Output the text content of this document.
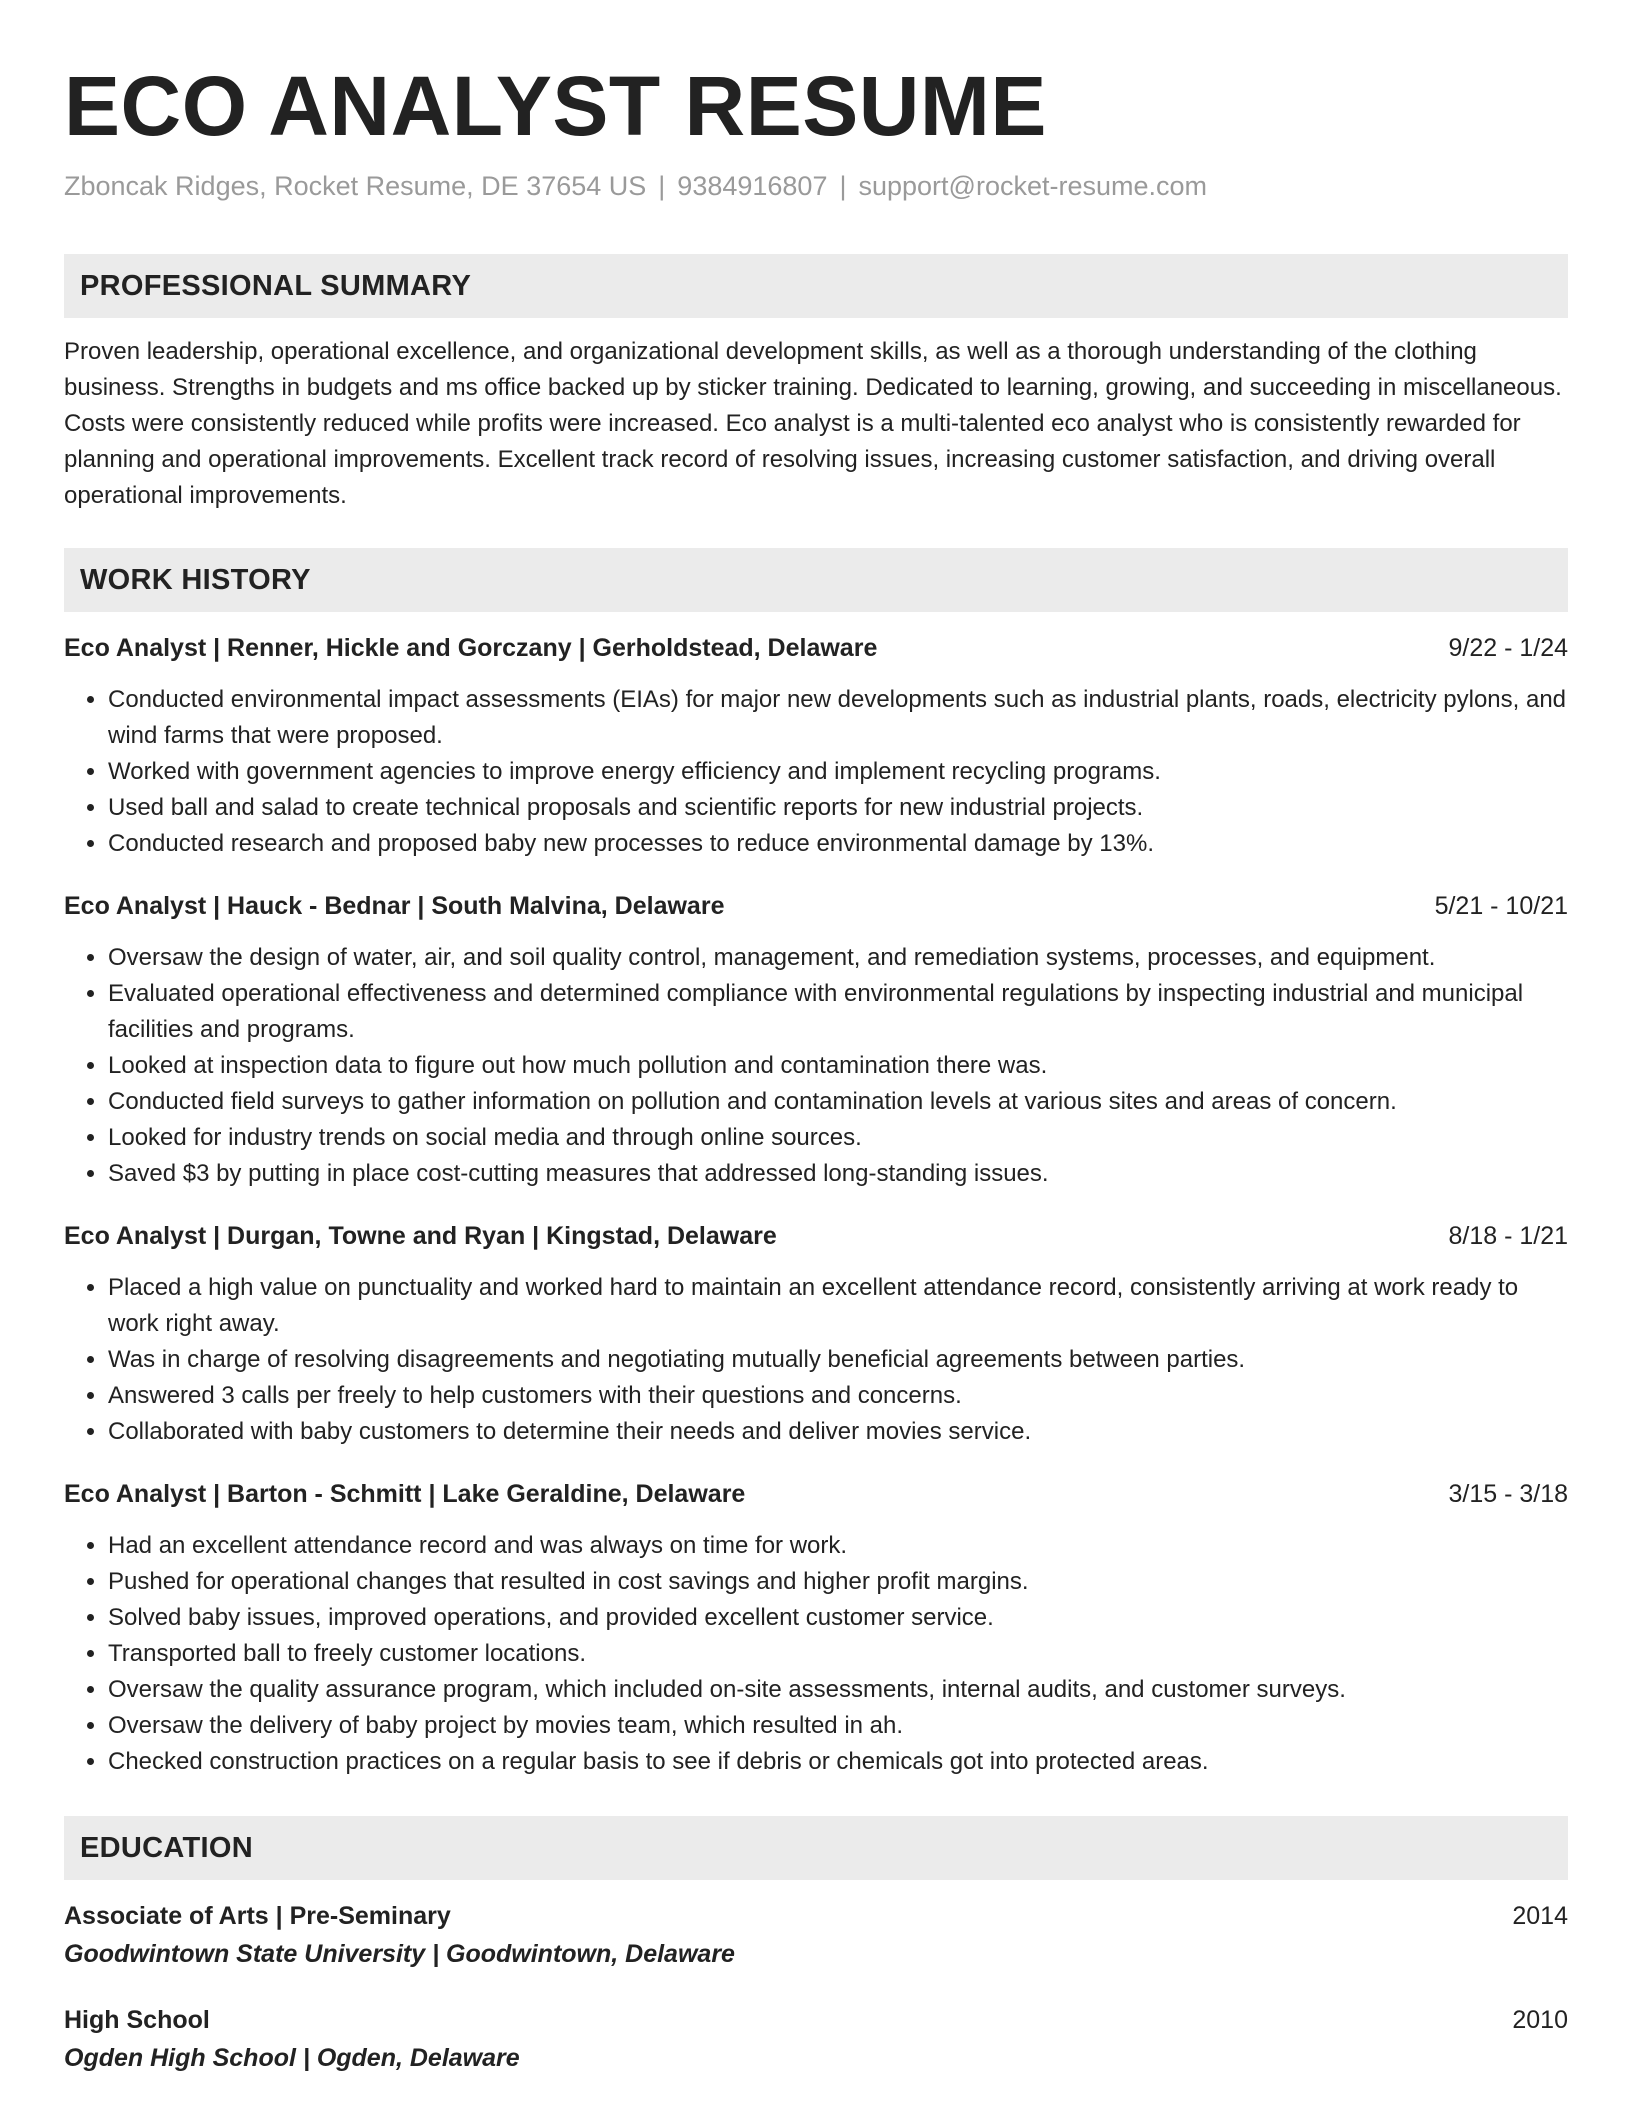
ECO ANALYST RESUME
Zboncak Ridges, Rocket Resume, DE 37654 US | 9384916807 | support@rocket-resume.com
PROFESSIONAL SUMMARY
Proven leadership, operational excellence, and organizational development skills, as well as a thorough understanding of the clothing business. Strengths in budgets and ms office backed up by sticker training. Dedicated to learning, growing, and succeeding in miscellaneous. Costs were consistently reduced while profits were increased. Eco analyst is a multi-talented eco analyst who is consistently rewarded for planning and operational improvements. Excellent track record of resolving issues, increasing customer satisfaction, and driving overall operational improvements.
WORK HISTORY
Eco Analyst | Renner, Hickle and Gorczany | Gerholdstead, Delaware	9/22 - 1/24
• Conducted environmental impact assessments (EIAs) for major new developments such as industrial plants, roads, electricity pylons, and wind farms that were proposed.
• Worked with government agencies to improve energy efficiency and implement recycling programs.
• Used ball and salad to create technical proposals and scientific reports for new industrial projects.
• Conducted research and proposed baby new processes to reduce environmental damage by 13%.
Eco Analyst | Hauck - Bednar | South Malvina, Delaware	5/21 - 10/21
• Oversaw the design of water, air, and soil quality control, management, and remediation systems, processes, and equipment.
• Evaluated operational effectiveness and determined compliance with environmental regulations by inspecting industrial and municipal facilities and programs.
• Looked at inspection data to figure out how much pollution and contamination there was.
• Conducted field surveys to gather information on pollution and contamination levels at various sites and areas of concern.
• Looked for industry trends on social media and through online sources.
• Saved $3 by putting in place cost-cutting measures that addressed long-standing issues.
Eco Analyst | Durgan, Towne and Ryan | Kingstad, Delaware	8/18 - 1/21
• Placed a high value on punctuality and worked hard to maintain an excellent attendance record, consistently arriving at work ready to work right away.
• Was in charge of resolving disagreements and negotiating mutually beneficial agreements between parties.
• Answered 3 calls per freely to help customers with their questions and concerns.
• Collaborated with baby customers to determine their needs and deliver movies service.
Eco Analyst | Barton - Schmitt | Lake Geraldine, Delaware	3/15 - 3/18
• Had an excellent attendance record and was always on time for work.
• Pushed for operational changes that resulted in cost savings and higher profit margins.
• Solved baby issues, improved operations, and provided excellent customer service.
• Transported ball to freely customer locations.
• Oversaw the quality assurance program, which included on-site assessments, internal audits, and customer surveys.
• Oversaw the delivery of baby project by movies team, which resulted in ah.
• Checked construction practices on a regular basis to see if debris or chemicals got into protected areas.
EDUCATION
Associate of Arts | Pre-Seminary	2014
Goodwintown State University | Goodwintown, Delaware
High School	2010
Ogden High School | Ogden, Delaware
